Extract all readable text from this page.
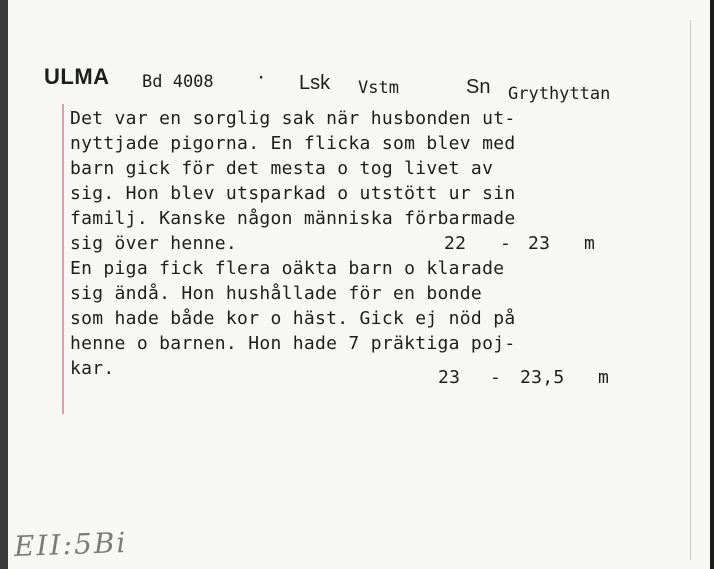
ULMA Bd 4008 · Lsk Vstm	Sn Grythyttan
Det var en sorglig sak när husbonden ut-
nyttjade pigorna. En flicka som blev med
barn gick för det mesta o tog livet av
sig. Hon blev utsparkad o utstött ur sin
familj. Kanske någon människa förbarmade
sig över henne.	22 - 23 m
En piga fick flera oäkta barn o klarade
sig ändå. Hon hushållade för en bonde
som hade både kor o häst. Gick ej nöd på
henne o barnen. Hon hade 7 präktiga poj-
kar.	23 - 23,5 m
EII:5Bi
